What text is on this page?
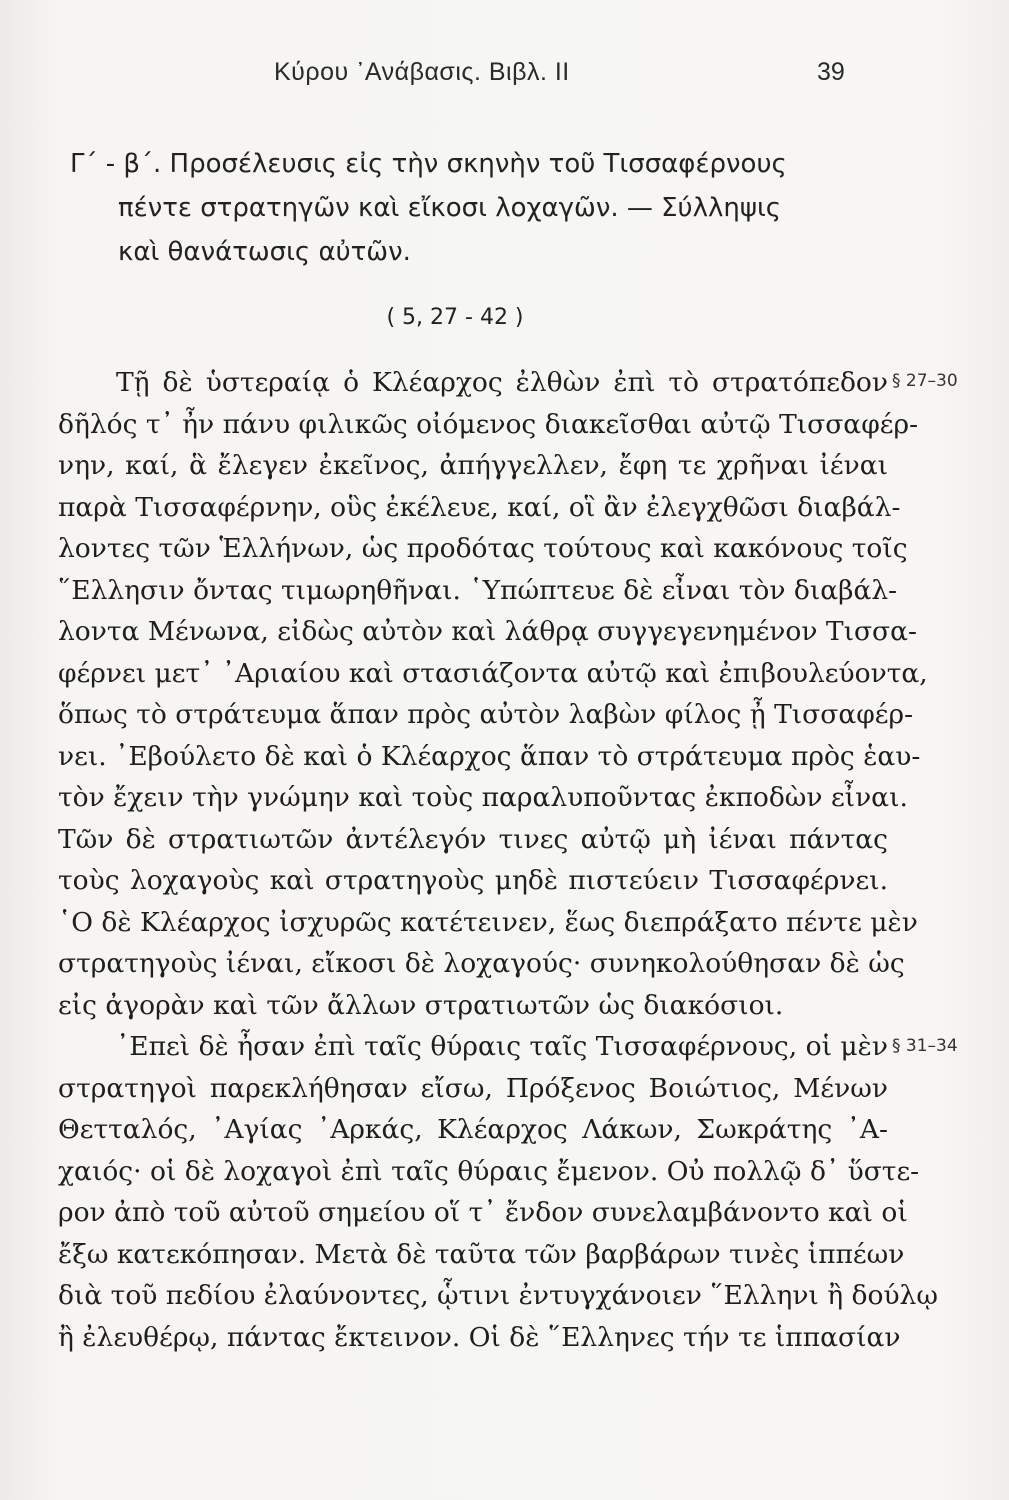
Κύρου ᾿Ανάβασις. Βιβλ. ΙΙ	39
Γ΄ - β΄. Προσέλευσις εἰς τὴν σκηνὴν τοῦ Τισσαφέρνους
πέντε στρατηγῶν καὶ εἴκοσι λοχαγῶν. — Σύλληψις
καὶ θανάτωσις αὐτῶν.
( 5, 27 - 42 )
Τῇ δὲ ὑστεραίᾳ ὁ Κλέαρχος ἐλθὼν ἐπὶ τὸ στρατόπεδον
δῆλός τ᾿ ἦν πάνυ φιλικῶς οἰόμενος διακεῖσθαι αὐτῷ Τισσαφέρ-
νην, καί, ἃ ἔλεγεν ἐκεῖνος, ἀπήγγελλεν, ἔφη τε χρῆναι ἰέναι
παρὰ Τισσαφέρνην, οὓς ἐκέλευε, καί, οἳ ἂν ἐλεγχθῶσι διαβάλ-
λοντες τῶν Ἑλλήνων, ὡς προδότας τούτους καὶ κακόνους τοῖς
῞Ελλησιν ὄντας τιμωρηθῆναι. ῾Υπώπτευε δὲ εἶναι τὸν διαβάλ-
λοντα Μένωνα, εἰδὼς αὐτὸν καὶ λάθρᾳ συγγεγενημένον Τισσα-
φέρνει μετ᾿ ᾿Αριαίου καὶ στασιάζοντα αὐτῷ καὶ ἐπιβουλεύοντα,
ὅπως τὸ στράτευμα ἅπαν πρὸς αὐτὸν λαβὼν φίλος ᾖ Τισσαφέρ-
νει. ᾿Εβούλετο δὲ καὶ ὁ Κλέαρχος ἅπαν τὸ στράτευμα πρὸς ἑαυ-
τὸν ἔχειν τὴν γνώμην καὶ τοὺς παραλυποῦντας ἐκποδὼν εἶναι.
Τῶν δὲ στρατιωτῶν ἀντέλεγόν τινες αὐτῷ μὴ ἰέναι πάντας
τοὺς λοχαγοὺς καὶ στρατηγοὺς μηδὲ πιστεύειν Τισσαφέρνει.
῾Ο δὲ Κλέαρχος ἰσχυρῶς κατέτεινεν, ἕως διεπράξατο πέντε μὲν
στρατηγοὺς ἰέναι, εἴκοσι δὲ λοχαγούς· συνηκολούθησαν δὲ ὡς
εἰς ἀγορὰν καὶ τῶν ἄλλων στρατιωτῶν ὡς διακόσιοι.
᾿Επεὶ δὲ ἦσαν ἐπὶ ταῖς θύραις ταῖς Τισσαφέρνους, οἱ μὲν
στρατηγοὶ παρεκλήθησαν εἴσω, Πρόξενος Βοιώτιος, Μένων
Θετταλός, ᾿Αγίας ᾿Αρκάς, Κλέαρχος Λάκων, Σωκράτης ᾿Α-
χαιός· οἱ δὲ λοχαγοὶ ἐπὶ ταῖς θύραις ἔμενον. Οὐ πολλῷ δ᾿ ὕστε-
ρον ἀπὸ τοῦ αὐτοῦ σημείου οἵ τ᾿ ἔνδον συνελαμβάνοντο καὶ οἱ
ἔξω κατεκόπησαν. Μετὰ δὲ ταῦτα τῶν βαρβάρων τινὲς ἱππέων
διὰ τοῦ πεδίου ἐλαύνοντες, ᾧτινι ἐντυγχάνοιεν ῞Ελληνι ἢ δούλῳ
ἢ ἐλευθέρῳ, πάντας ἔκτεινον. Οἱ δὲ ῞Ελληνες τήν τε ἱππασίαν
§ 27–30
§ 31–34
